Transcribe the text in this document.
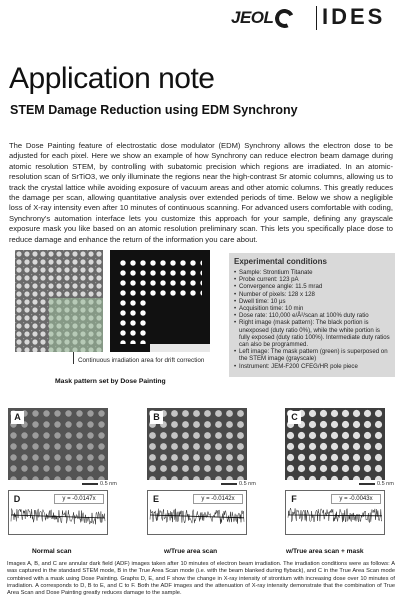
JEOL IDES
Application note
STEM Damage Reduction using EDM Synchrony
The Dose Painting feature of electrostatic dose modulator (EDM) Synchrony allows the electron dose to be adjusted for each pixel. Here we show an example of how Synchrony can reduce electron beam damage during atomic resolution STEM, by controlling with subatomic precision which regions are irradiated. In an atomic-resolution scan of SrTiO3, we only illuminate the regions near the high-contrast Sr atomic columns, allowing us to track the crystal lattice while avoiding exposure of vacuum areas and other atomic columns. This greatly reduces the damage per scan, allowing quantitative analysis over extended periods of time. Below we show a negligible loss of X-ray intensity even after 10 minutes of continuous scanning. For advanced users comfortable with coding, Synchrony's automation interface lets you customize this approach for your sample, defining any grayscale exposure mask you like based on an atomic resolution preliminary scan. This lets you specifically place dose to reduce damage and enhance the return of the information you care about.
Continuous irradiation area for drift correction
Mask pattern set by Dose Painting
Experimental conditions
• Sample: Strontium Titanate
• Probe current: 123 pA
• Convergence angle: 11.5 mrad
• Number of pixels: 128 x 128
• Dwell time: 10 μs
• Acquisition time: 10 min
• Dose rate: 110,000 e/Å²/scan at 100% duty ratio
• Right image (mask pattern): The black portion is unexposed (duty ratio 0%), while the white portion is fully exposed (duty ratio 100%). Intermediate duty ratios can also be programmed.
• Left image: The mask pattern (green) is superposed on the STEM image (grayscale)
• Instrument: JEM-F200 CFEG/HR pole piece
A	B	C
0.5 nm	0.5 nm	0.5 nm
D	y = -0.0147x	E	y = -0.0142x	F	y = -0.0043x
Normal scan	w/True area scan	w/True area scan + mask
Images A, B, and C are annular dark field (ADF) images taken after 10 minutes of electron beam irradiation. The irradiation conditions were as follows: A was captured in the standard STEM mode, B in the True Area Scan mode (i.e. with the beam blanked during flyback), and C in the True Area Scan mode combined with a mask using Dose Painting. Graphs D, E, and F show the change in X-ray intensity of strontium with increasing dose over 10 minutes of irradiation. A corresponds to D, B to E, and C to F. Both the ADF images and the attenuation of X-ray intensity demonstrate that the combination of True Area Scan and Dose Painting greatly reduces damage to the sample.
